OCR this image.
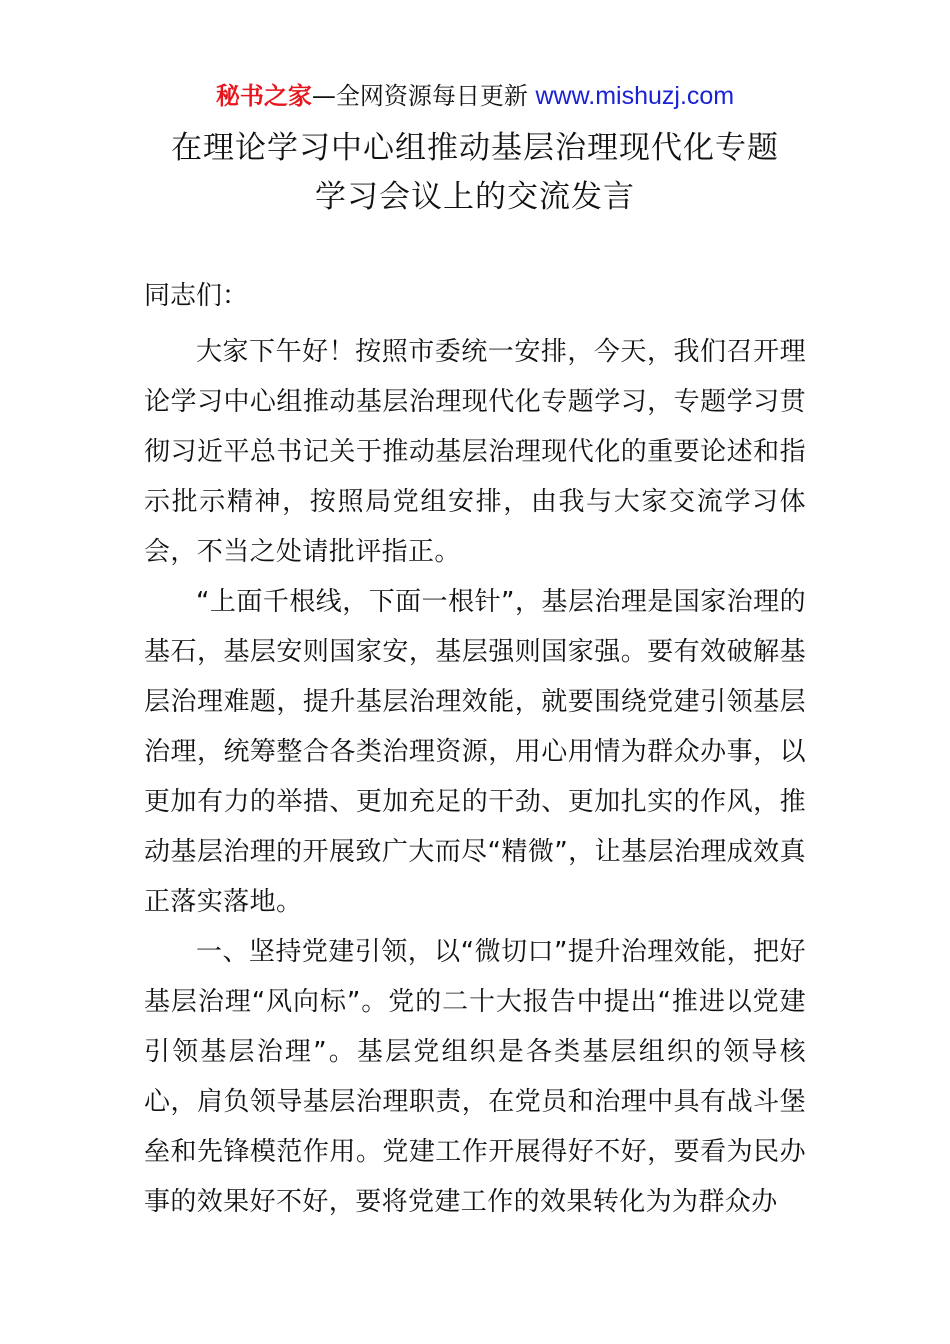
秘书之家—全网资源每日更新 www.mishuzj.com
在理论学习中心组推动基层治理现代化专题
学习会议上的交流发言
同志们：

大家下午好！按照市委统一安排，今天，我们召开理论学习中心组推动基层治理现代化专题学习，专题学习贯彻习近平总书记关于推动基层治理现代化的重要论述和指示批示精神，按照局党组安排，由我与大家交流学习体会，不当之处请批评指正。

“上面千根线，下面一根针”，基层治理是国家治理的基石，基层安则国家安，基层强则国家强。要有效破解基层治理难题，提升基层治理效能，就要围绕党建引领基层治理，统筹整合各类治理资源，用心用情为群众办事，以更加有力的举措、更加充足的干劲、更加扎实的作风，推动基层治理的开展致广大而尽“精微”，让基层治理成效真正落实落地。

一、坚持党建引领，以“微切口”提升治理效能，把好基层治理“风向标”。党的二十大报告中提出“推进以党建引领基层治理”。基层党组织是各类基层组织的领导核心，肩负领导基层治理职责，在党员和治理中具有战斗堡垒和先锋模范作用。党建工作开展得好不好，要看为民办事的效果好不好，要将党建工作的效果转化为为群众办
